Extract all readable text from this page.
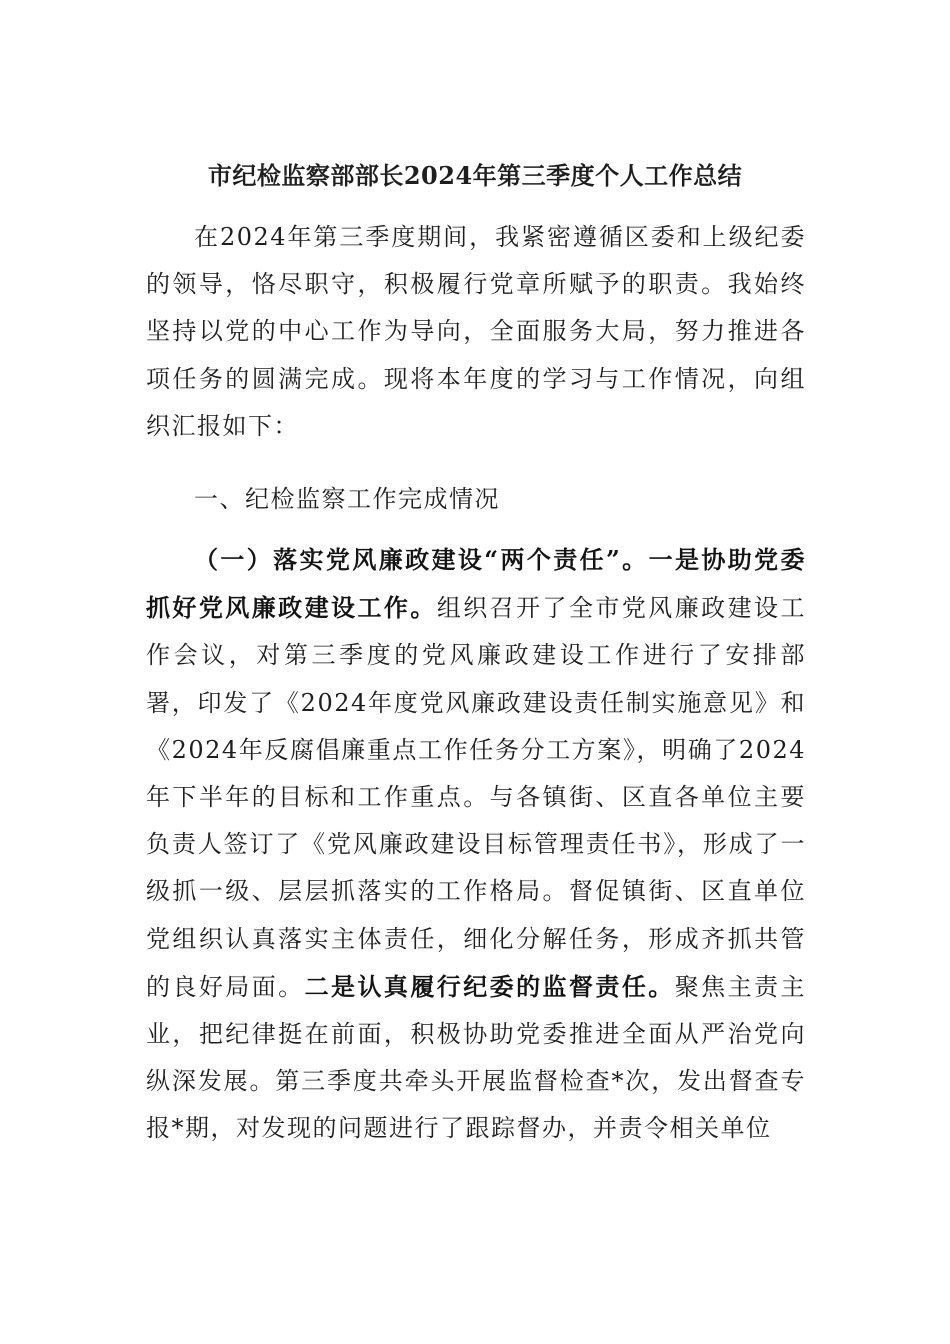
市纪检监察部部长2024年第三季度个人工作总结
在2024年第三季度期间，我紧密遵循区委和上级纪委的领导，恪尽职守，积极履行党章所赋予的职责。我始终坚持以党的中心工作为导向，全面服务大局，努力推进各项任务的圆满完成。现将本年度的学习与工作情况，向组织汇报如下：
一、纪检监察工作完成情况
（一）落实党风廉政建设“两个责任”。一是协助党委抓好党风廉政建设工作。组织召开了全市党风廉政建设工作会议，对第三季度的党风廉政建设工作进行了安排部署，印发了《2024年度党风廉政建设责任制实施意见》和《2024年反腐倡廉重点工作任务分工方案》，明确了2024年下半年的目标和工作重点。与各镇街、区直各单位主要负责人签订了《党风廉政建设目标管理责任书》，形成了一级抓一级、层层抓落实的工作格局。督促镇街、区直单位党组织认真落实主体责任，细化分解任务，形成齐抓共管的良好局面。二是认真履行纪委的监督责任。聚焦主责主业，把纪律挺在前面，积极协助党委推进全面从严治党向纵深发展。第三季度共牵头开展监督检查*次，发出督查专报*期，对发现的问题进行了跟踪督办，并责令相关单位
